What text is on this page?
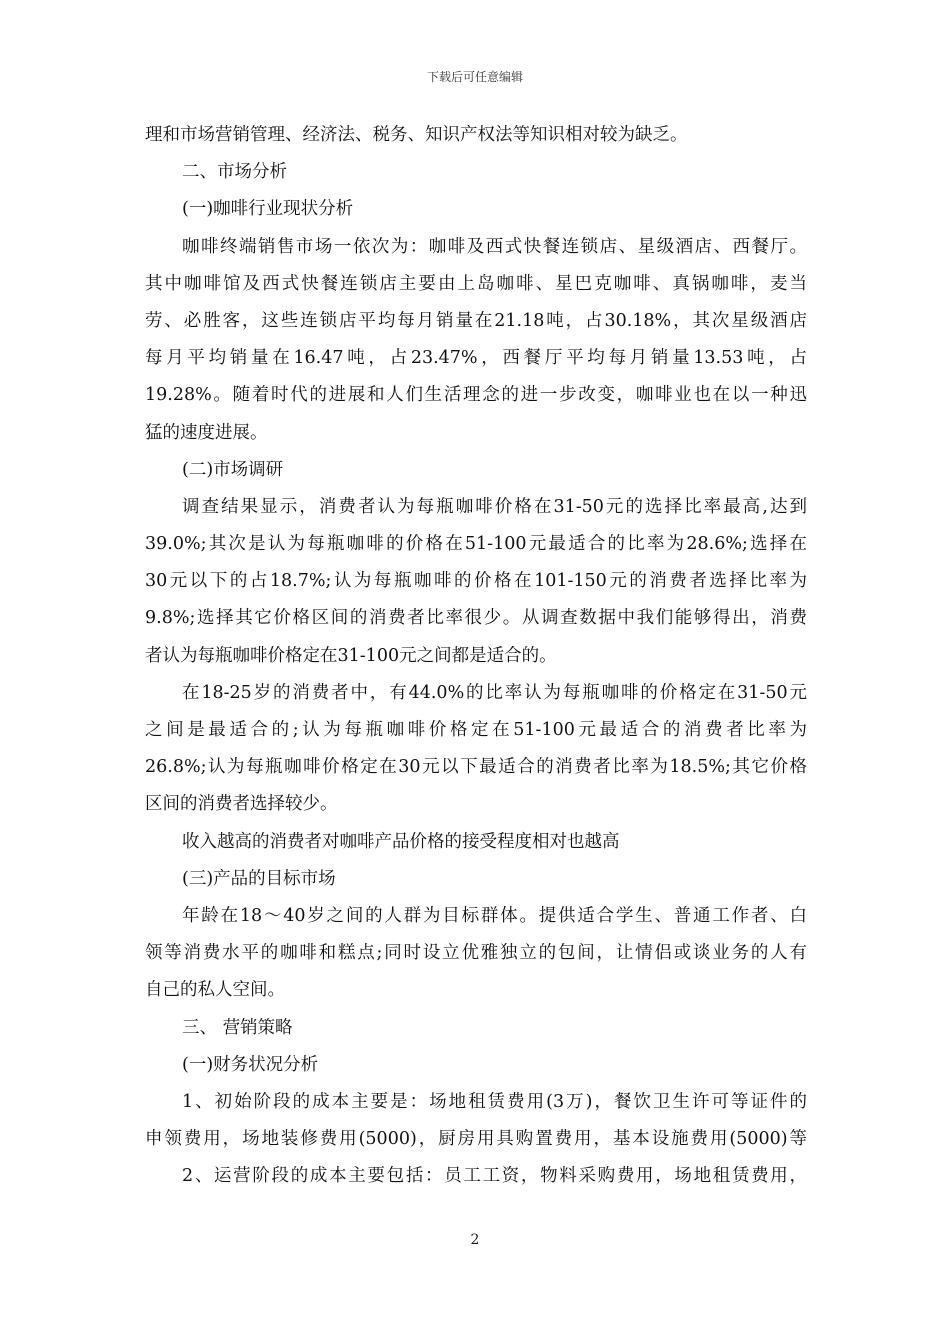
下载后可任意编辑
理和市场营销管理、经济法、税务、知识产权法等知识相对较为缺乏。
二、市场分析
(一)咖啡行业现状分析
咖啡终端销售市场一依次为：咖啡及西式快餐连锁店、星级酒店、西餐厅。
其中咖啡馆及西式快餐连锁店主要由上岛咖啡、星巴克咖啡、真锅咖啡，麦当
劳、必胜客，这些连锁店平均每月销量在21.18吨，占30.18%，其次星级酒店
每月平均销量在16.47吨，占23.47%，西餐厅平均每月销量13.53吨，占
19.28%。随着时代的进展和人们生活理念的进一步改变，咖啡业也在以一种迅
猛的速度进展。
(二)市场调研
调查结果显示，消费者认为每瓶咖啡价格在31-50元的选择比率最高,达到
39.0%;其次是认为每瓶咖啡的价格在51-100元最适合的比率为28.6%;选择在
30元以下的占18.7%;认为每瓶咖啡的价格在101-150元的消费者选择比率为
9.8%;选择其它价格区间的消费者比率很少。从调查数据中我们能够得出，消费
者认为每瓶咖啡价格定在31-100元之间都是适合的。
在18-25岁的消费者中，有44.0%的比率认为每瓶咖啡的价格定在31-50元
之间是最适合的;认为每瓶咖啡价格定在51-100元最适合的消费者比率为
26.8%;认为每瓶咖啡价格定在30元以下最适合的消费者比率为18.5%;其它价格
区间的消费者选择较少。
收入越高的消费者对咖啡产品价格的接受程度相对也越高
(三)产品的目标市场
年龄在18～40岁之间的人群为目标群体。提供适合学生、普通工作者、白
领等消费水平的咖啡和糕点;同时设立优雅独立的包间，让情侣或谈业务的人有
自己的私人空间。
三、 营销策略
(一)财务状况分析
1、初始阶段的成本主要是：场地租赁费用(3万)，餐饮卫生许可等证件的
申领费用，场地装修费用(5000)，厨房用具购置费用，基本设施费用(5000)等
2、运营阶段的成本主要包括：员工工资，物料采购费用，场地租赁费用，
2
